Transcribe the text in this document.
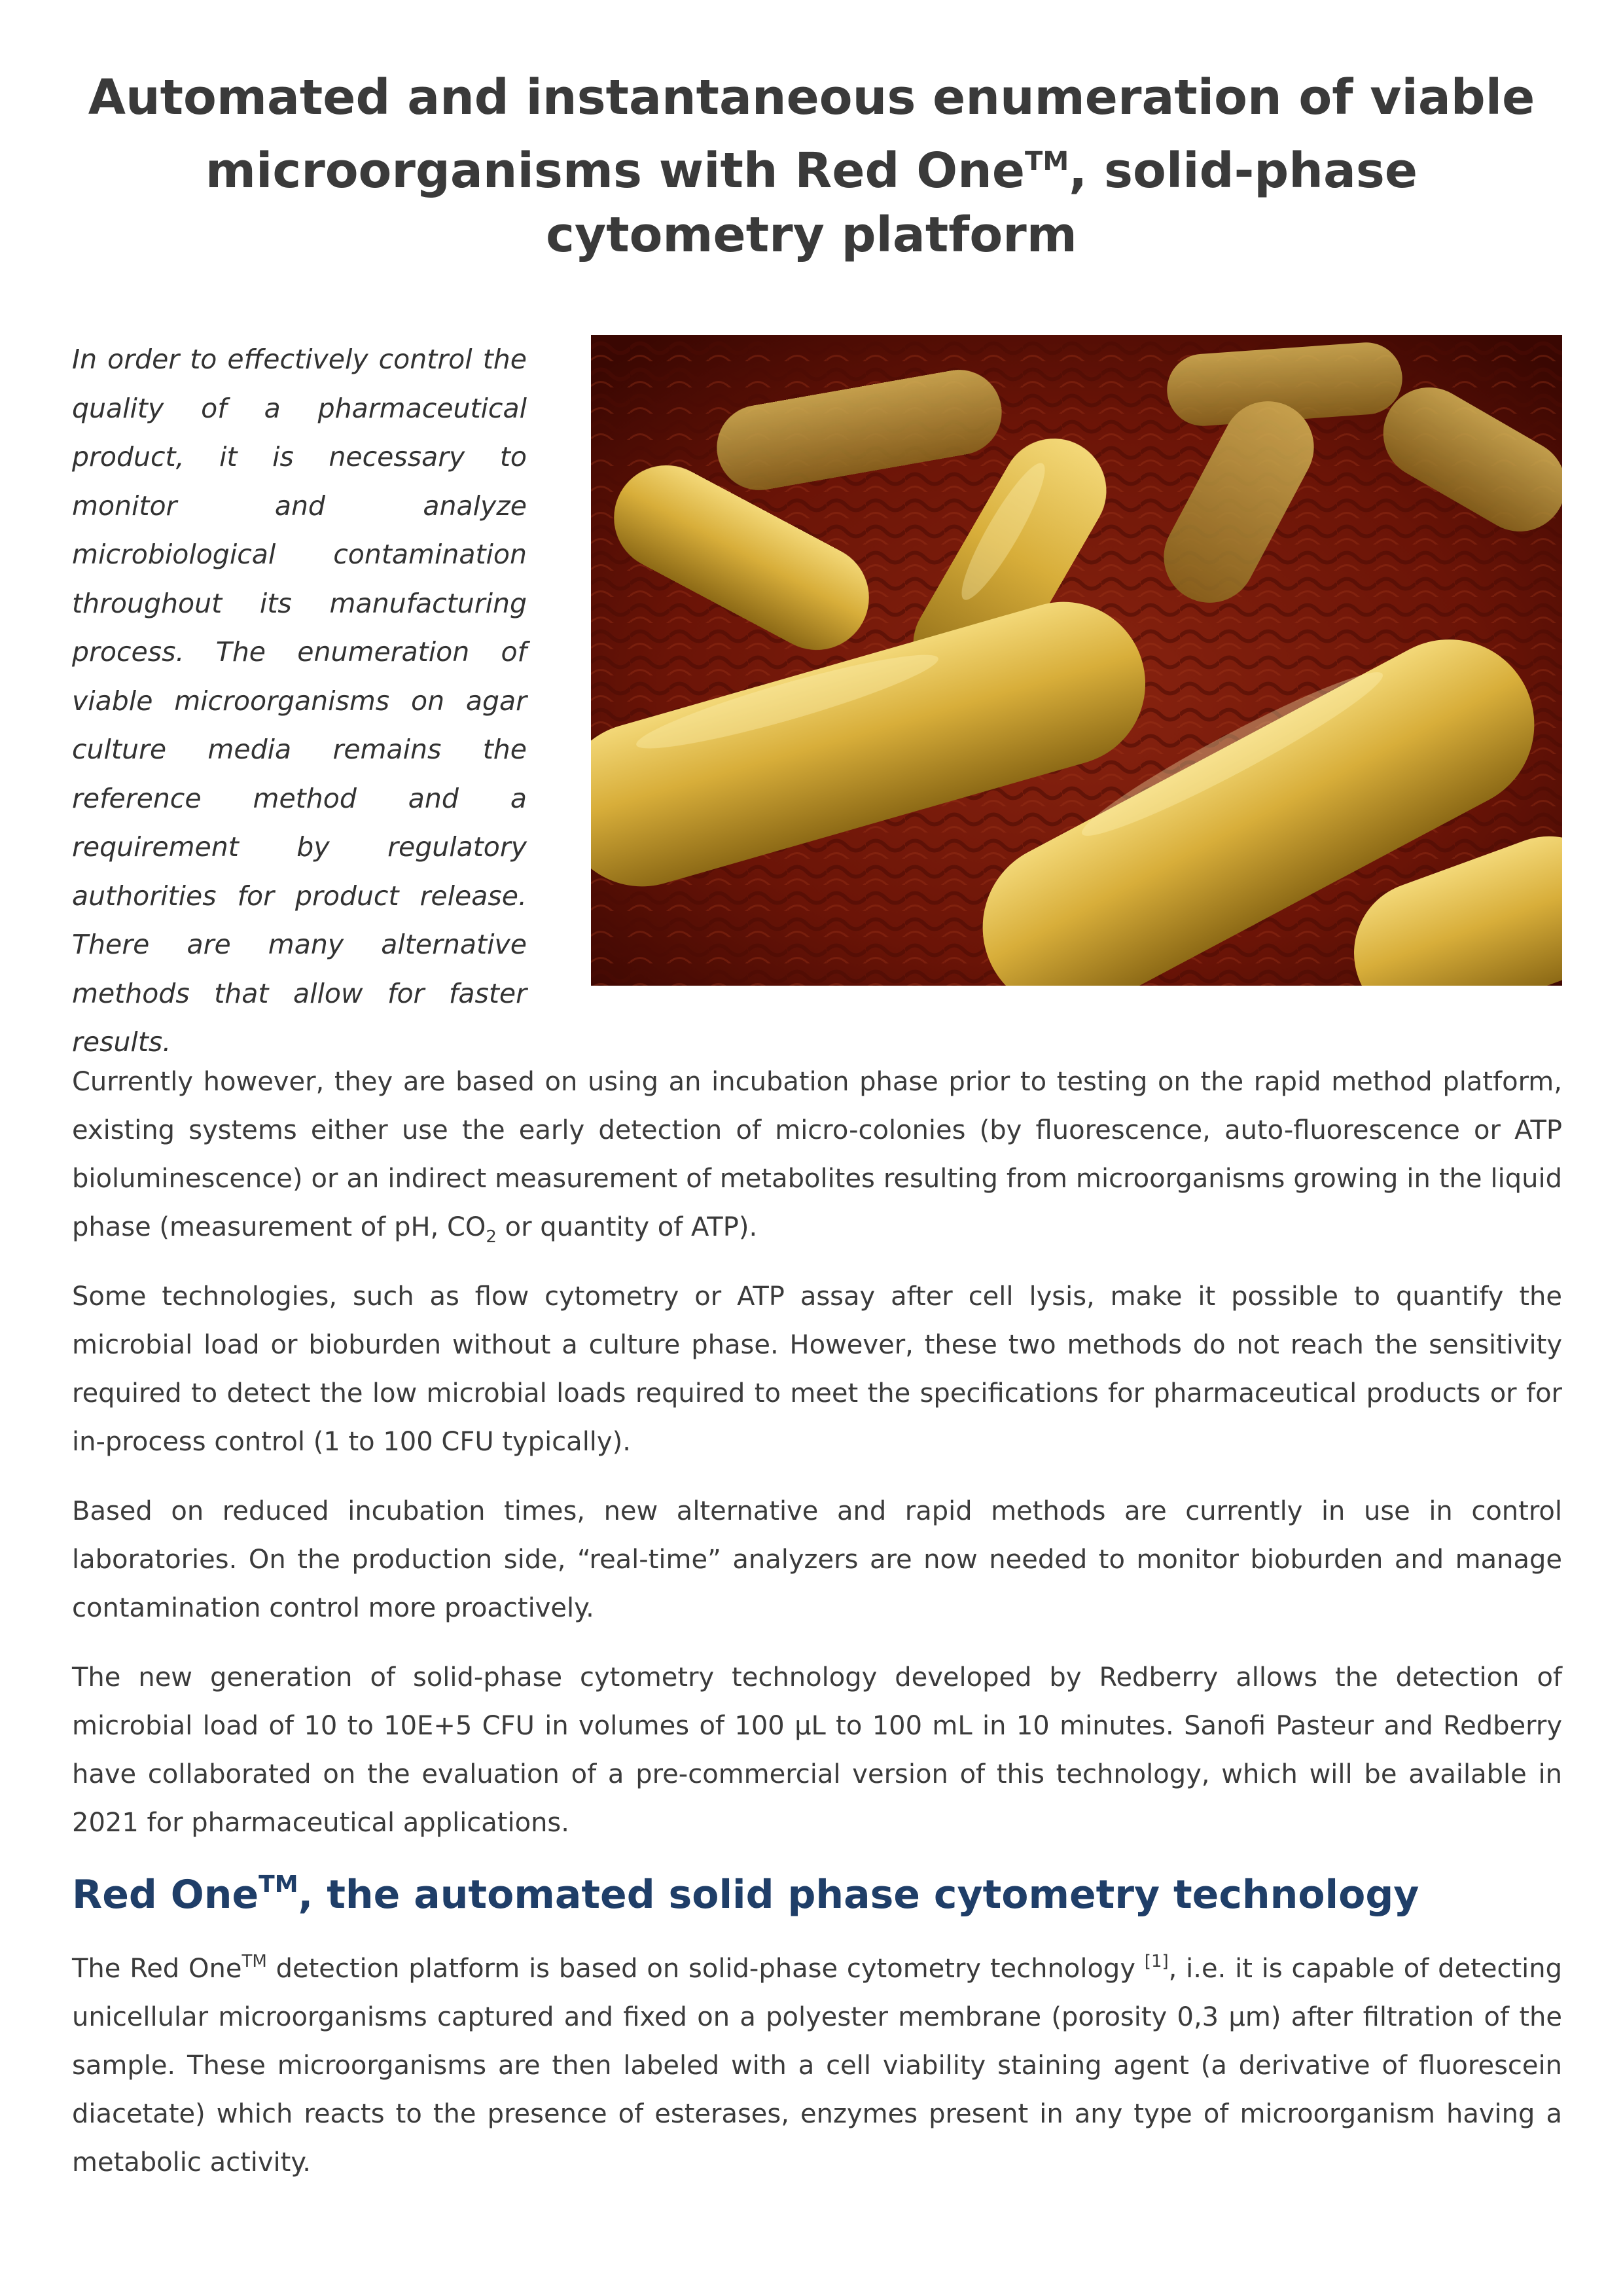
Automated and instantaneous enumeration of viable microorganisms with Red One™, solid-phase cytometry platform

In order to effectively control the quality of a pharmaceutical product, it is necessary to monitor and analyze microbiological contamination throughout its manufacturing process. The enumeration of viable microorganisms on agar culture media remains the reference method and a requirement by regulatory authorities for product release. There are many alternative methods that allow for faster results.

Currently however, they are based on using an incubation phase prior to testing on the rapid method platform, existing systems either use the early detection of micro-colonies (by fluorescence, auto-fluorescence or ATP bioluminescence) or an indirect measurement of metabolites resulting from microorganisms growing in the liquid phase (measurement of pH, $CO_2$ or quantity of ATP).

Some technologies, such as flow cytometry or ATP assay after cell lysis, make it possible to quantify the microbial load or bioburden without a culture phase. However, these two methods do not reach the sensitivity required to detect the low microbial loads required to meet the specifications for pharmaceutical products or for in-process control (1 to 100 CFU typically).

Based on reduced incubation times, new alternative and rapid methods are currently in use in control laboratories. On the production side, “real-time” analyzers are now needed to monitor bioburden and manage contamination control more proactively.

The new generation of solid-phase cytometry technology developed by Redberry allows the detection of microbial load of 10 to 10E+5 CFU in volumes of 100 µL to 100 mL in 10 minutes. Sanofi Pasteur and Redberry have collaborated on the evaluation of a pre-commercial version of this technology, which will be available in 2021 for pharmaceutical applications.

Red One™, the automated solid phase cytometry technology

The Red One™ detection platform is based on solid-phase cytometry technology [1], i.e. it is capable of detecting unicellular microorganisms captured and fixed on a polyester membrane (porosity 0,3 µm) after filtration of the sample. These microorganisms are then labeled with a cell viability staining agent (a derivative of fluorescein diacetate) which reacts to the presence of esterases, enzymes present in any type of microorganism having a metabolic activity.
